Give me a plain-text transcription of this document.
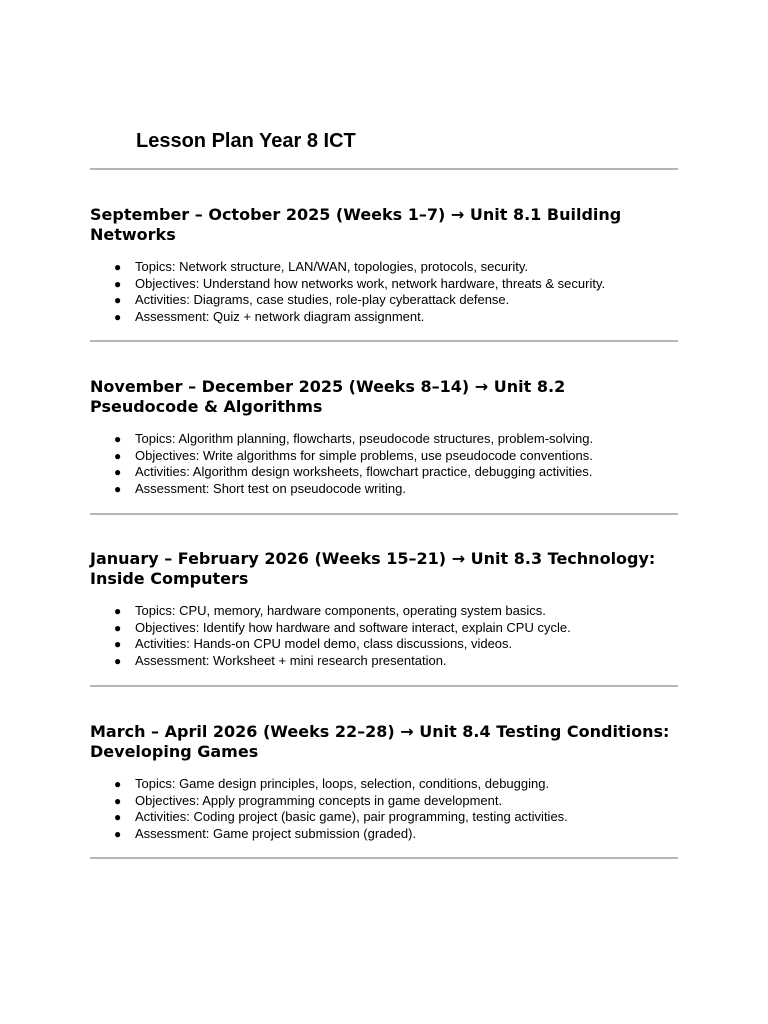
Lesson Plan Year 8 ICT
September – October 2025 (Weeks 1–7) → Unit 8.1 Building Networks
● Topics: Network structure, LAN/WAN, topologies, protocols, security.
● Objectives: Understand how networks work, network hardware, threats & security.
● Activities: Diagrams, case studies, role-play cyberattack defense.
● Assessment: Quiz + network diagram assignment.
November – December 2025 (Weeks 8–14) → Unit 8.2 Pseudocode & Algorithms
● Topics: Algorithm planning, flowcharts, pseudocode structures, problem-solving.
● Objectives: Write algorithms for simple problems, use pseudocode conventions.
● Activities: Algorithm design worksheets, flowchart practice, debugging activities.
● Assessment: Short test on pseudocode writing.
January – February 2026 (Weeks 15–21) → Unit 8.3 Technology: Inside Computers
● Topics: CPU, memory, hardware components, operating system basics.
● Objectives: Identify how hardware and software interact, explain CPU cycle.
● Activities: Hands-on CPU model demo, class discussions, videos.
● Assessment: Worksheet + mini research presentation.
March – April 2026 (Weeks 22–28) → Unit 8.4 Testing Conditions: Developing Games
● Topics: Game design principles, loops, selection, conditions, debugging.
● Objectives: Apply programming concepts in game development.
● Activities: Coding project (basic game), pair programming, testing activities.
● Assessment: Game project submission (graded).
